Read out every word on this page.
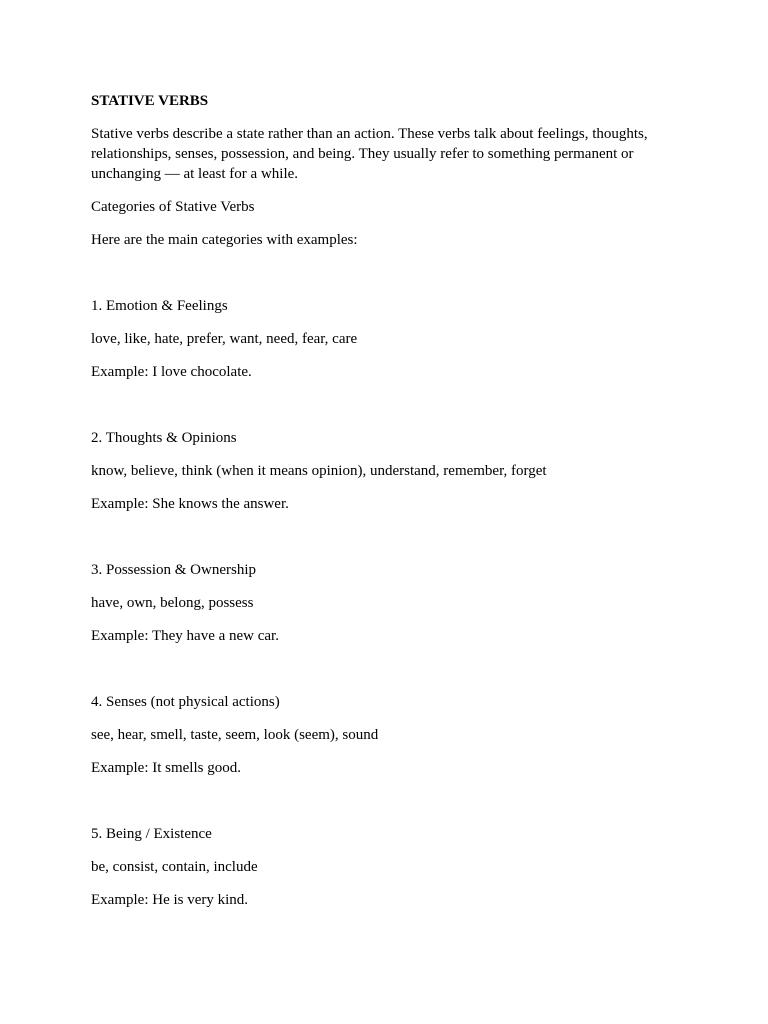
STATIVE VERBS

Stative verbs describe a state rather than an action. These verbs talk about feelings, thoughts, relationships, senses, possession, and being. They usually refer to something permanent or unchanging — at least for a while.

Categories of Stative Verbs

Here are the main categories with examples:

1. Emotion & Feelings

love, like, hate, prefer, want, need, fear, care

Example: I love chocolate.

2. Thoughts & Opinions

know, believe, think (when it means opinion), understand, remember, forget

Example: She knows the answer.

3. Possession & Ownership

have, own, belong, possess

Example: They have a new car.

4. Senses (not physical actions)

see, hear, smell, taste, seem, look (seem), sound

Example: It smells good.

5. Being / Existence

be, consist, contain, include

Example: He is very kind.
